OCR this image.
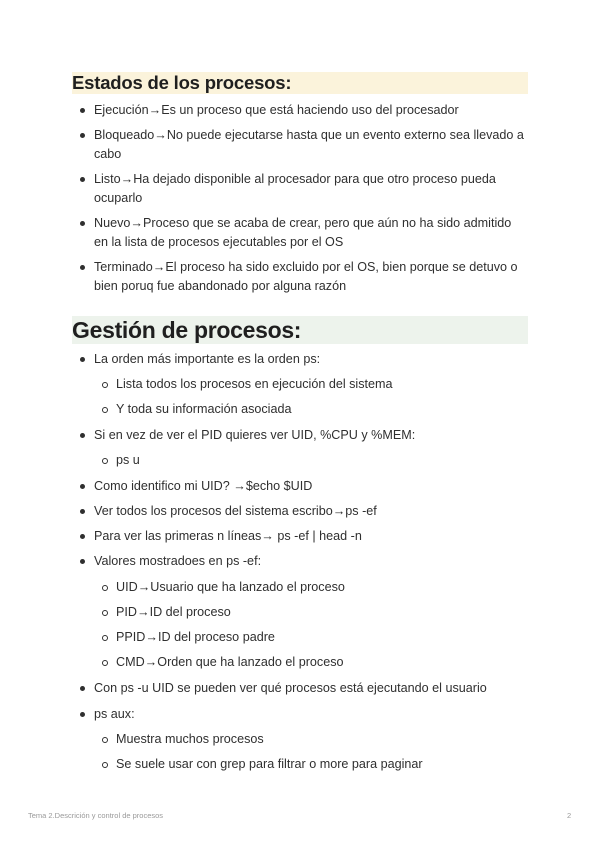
Estados de los procesos:
Ejecución→Es un proceso que está haciendo uso del procesador
Bloqueado→No puede ejecutarse hasta que un evento externo sea llevado a cabo
Listo→Ha dejado disponible al procesador para que otro proceso pueda ocuparlo
Nuevo→Proceso que se acaba de crear, pero que aún no ha sido admitido en la lista de procesos ejecutables por el OS
Terminado→El proceso ha sido excluido por el OS, bien porque se detuvo o bien poruq fue abandonado por alguna razón
Gestión de procesos:
La orden más importante es la orden ps:
Lista todos los procesos en ejecución del sistema
Y toda su información asociada
Si en vez de ver el PID quieres ver UID, %CPU y %MEM:
ps u
Como identifico mi UID? →$echo $UID
Ver todos los procesos del sistema escribo→ps -ef
Para ver las primeras n líneas→ ps -ef | head -n
Valores mostradoes en ps -ef:
UID→Usuario que ha lanzado el proceso
PID→ID del proceso
PPID→ID del proceso padre
CMD→Orden que ha lanzado el proceso
Con ps -u UID se pueden ver qué procesos está ejecutando el usuario
ps aux:
Muestra muchos procesos
Se suele usar con grep para filtrar o more para paginar
Tema 2.Descrición y control de procesos	2
